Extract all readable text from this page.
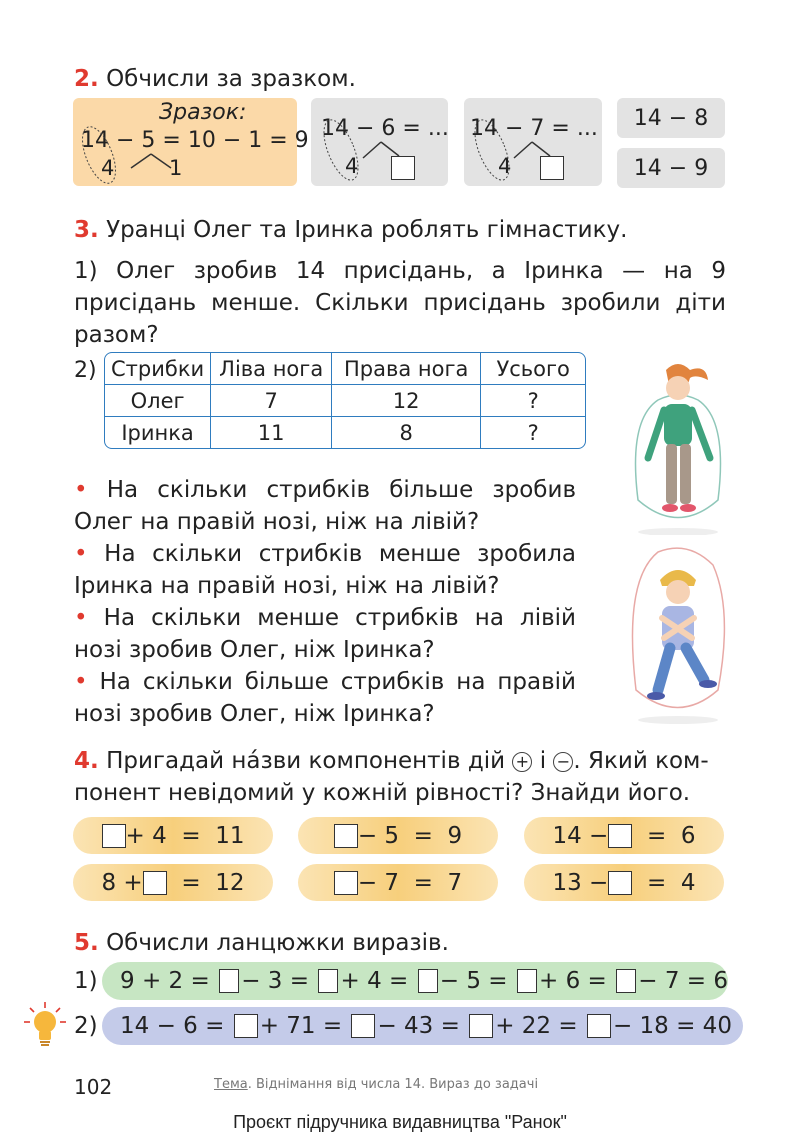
2. Обчисли за зразком.
Зразок:
14 − 5 = 10 − 1 = 9
4	1
14 − 6 = ...
4
14 − 7 = ...
4
14 − 8
14 − 9
3. Уранці Олег та Іринка роблять гімнастику.
1) Олег зробив 14 присідань, а Іринка — на 9 присідань менше. Скільки присідань зробили діти разом?
2) Стрибки	Ліва нога	Права нога	Усього
Олег	7	12	?
Іринка	11	8	?
• На скільки стрибків більше зробив Олег на правій нозі, ніж на лівій?
• На скільки стрибків менше зробила Іринка на правій нозі, ніж на лівій?
• На скільки менше стрибків на лівій нозі зробив Олег, ніж Іринка?
• На скільки більше стрибків на правій нозі зробив Олег, ніж Іринка?
4. Пригадай на́зви компонентів дій + і − . Який ком-
понент невідомий у кожній рівності? Знайди його.
+ 4  =  11	− 5  =  9	14 − =  6
8 + =  12	− 7  =  7	13 − =  4
5. Обчисли ланцюжки виразів.
1) 9 + 2 = − 3 = + 4 = − 5 = + 6 = − 7 = 6
2) 14 − 6 = + 71 = − 43 = + 22 = − 18 = 40
102	Тема. Віднімання від числа 14. Вираз до задачі
Проєкт підручника видавництва "Ранок"
